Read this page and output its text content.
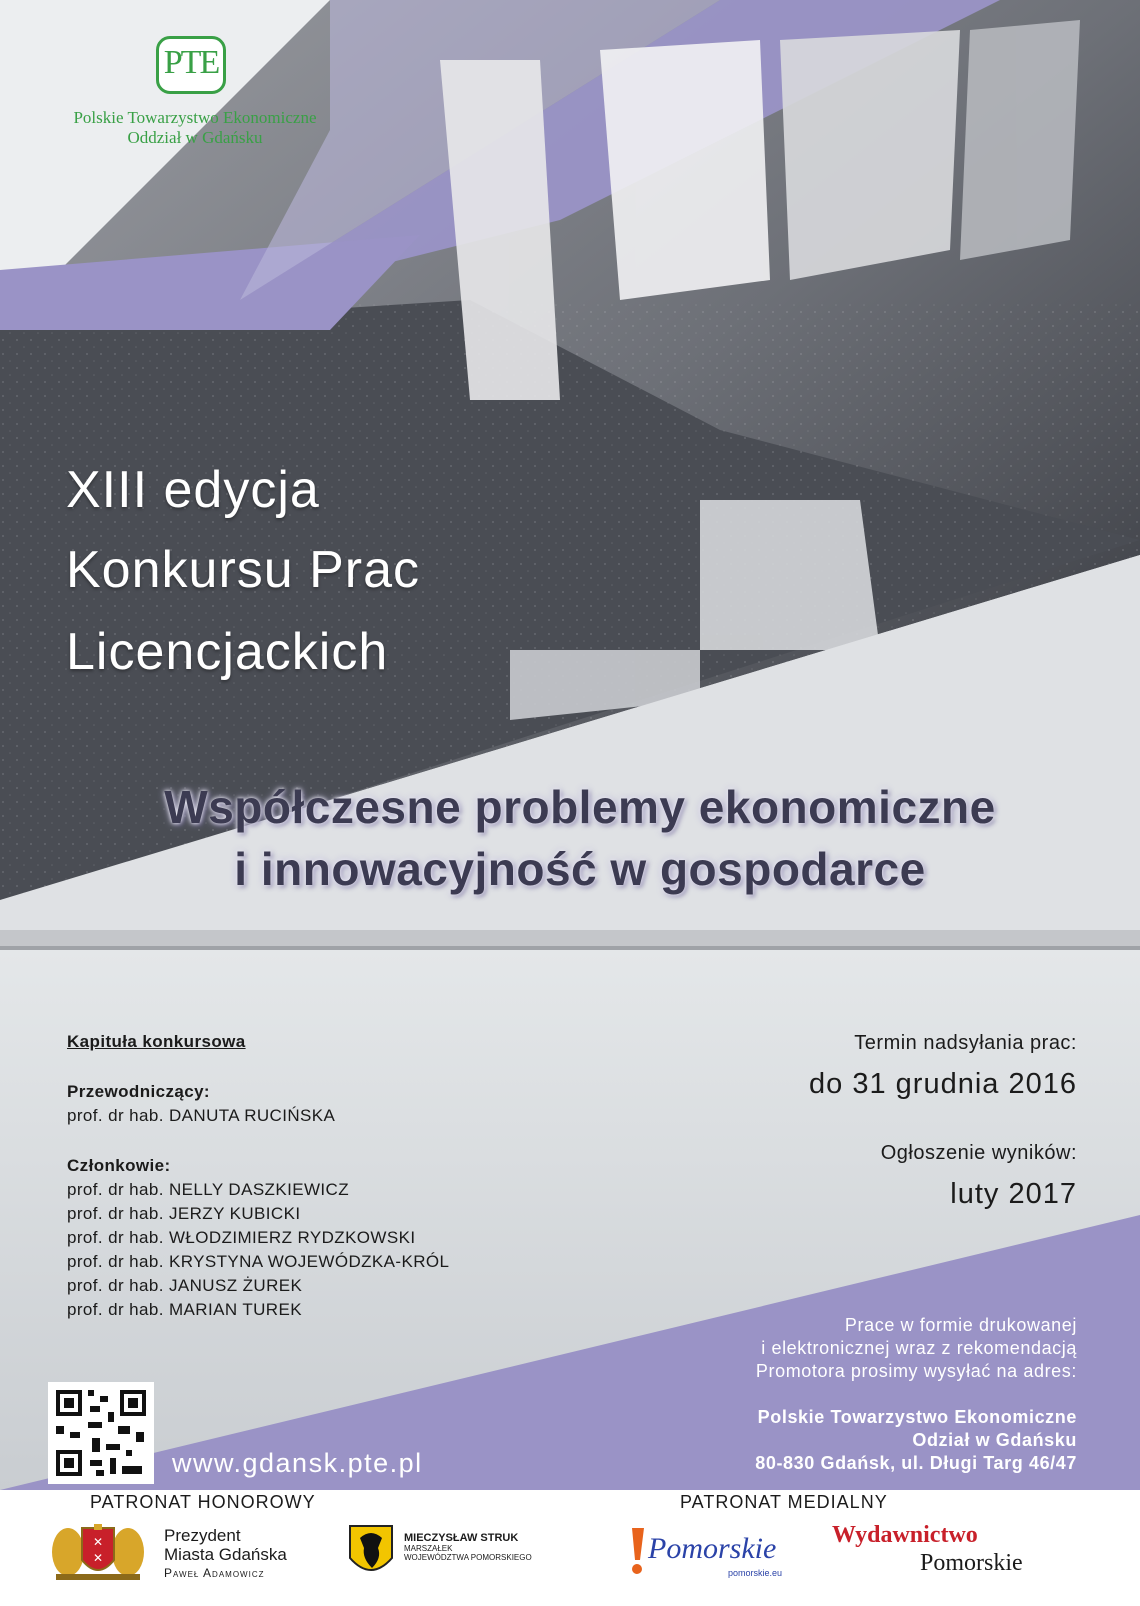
PTE
Polskie Towarzystwo Ekonomiczne
Oddział w Gdańsku
XIII edycja
Konkursu Prac
Licencjackich
Współczesne problemy ekonomiczne
i innowacyjność w gospodarce
Kapituła konkursowa
Przewodniczący:
prof. dr hab. DANUTA RUCIŃSKA
Członkowie:
prof. dr hab. NELLY DASZKIEWICZ
prof. dr hab. JERZY KUBICKI
prof. dr hab. WŁODZIMIERZ RYDZKOWSKI
prof. dr hab. KRYSTYNA WOJEWÓDZKA-KRÓL
prof. dr hab. JANUSZ ŻUREK
prof. dr hab. MARIAN TUREK
Termin nadsyłania prac:
do 31 grudnia 2016
Ogłoszenie wyników:
luty 2017
Prace w formie drukowanej
i elektronicznej wraz z rekomendacją
Promotora prosimy wysyłać na adres:
Polskie Towarzystwo Ekonomiczne
Odział w Gdańsku
80-830 Gdańsk, ul. Długi Targ 46/47
www.gdansk.pte.pl
PATRONAT HONOROWY	PATRONAT MEDIALNY
✕
✕
Prezydent
Miasta Gdańska
Paweł Adamowicz
MIECZYSŁAW STRUK
MARSZAŁEK
WOJEWÓDZTWA POMORSKIEGO	Pomorskie
pomorskie.eu
Wydawnictwo
Pomorskie
